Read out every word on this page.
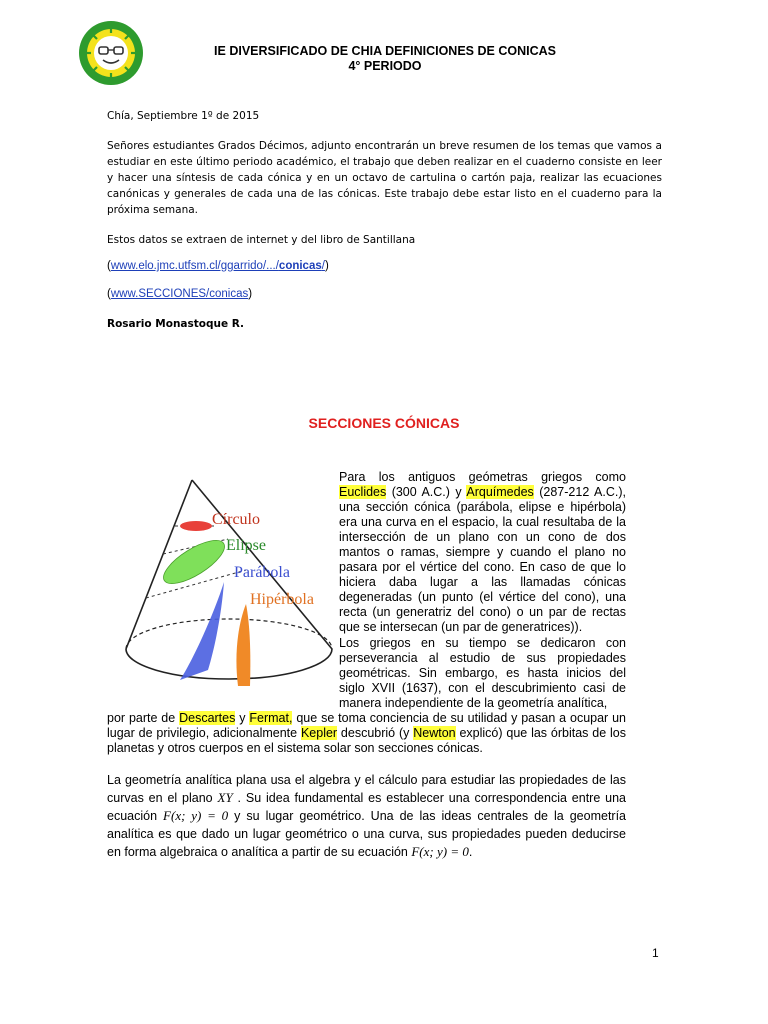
IE DIVERSIFICADO DE CHIA DEFINICIONES DE CONICAS
4° PERIODO
Chía, Septiembre 1º de 2015
Señores estudiantes Grados Décimos, adjunto encontrarán un breve resumen de los temas que vamos a estudiar en este último periodo académico, el trabajo que deben realizar en el cuaderno consiste en leer y hacer una síntesis de cada cónica y en un octavo de cartulina o cartón paja, realizar las ecuaciones canónicas y generales de cada una de las cónicas. Este trabajo debe estar listo en el cuaderno para la próxima semana.
Estos datos se extraen de internet y del libro de Santillana
(www.elo.jmc.utfsm.cl/ggarrido/.../conicas/)
(www.SECCIONES/conicas)
Rosario Monastoque R.
SECCIONES CÓNICAS
Círculo
Elipse
Parábola
Hipérbola
Para los antiguos geómetras griegos como Euclides (300 A.C.) y Arquímedes (287-212 A.C.), una sección cónica (parábola, elipse e hipérbola) era una curva en el espacio, la cual resultaba de la intersección de un plano con un cono de dos mantos o ramas, siempre y cuando el plano no pasara por el vértice del cono. En caso de que lo hiciera daba lugar a las llamadas cónicas degeneradas (un punto (el vértice del cono), una recta (un generatriz del cono) o un par de rectas que se intersecan (un par de generatrices)).
Los griegos en su tiempo se dedicaron con perseverancia al estudio de sus propiedades geométricas. Sin embargo, es hasta inicios del siglo XVII (1637), con el descubrimiento casi de manera independiente de la geometría analítica,
por parte de Descartes y Fermat, que se toma conciencia de su utilidad y pasan a ocupar un lugar de privilegio, adicionalmente Kepler descubrió (y Newton explicó) que las órbitas de los planetas y otros cuerpos en el sistema solar son secciones cónicas.
La geometría analítica plana usa el algebra y el cálculo para estudiar las propiedades de las curvas en el plano XY . Su idea fundamental es establecer una correspondencia entre una ecuación F(x; y) = 0 y su lugar geométrico. Una de las ideas centrales de la geometría analítica es que dado un lugar geométrico o una curva, sus propiedades pueden deducirse en forma algebraica o analítica a partir de su ecuación F(x; y) = 0.
1
